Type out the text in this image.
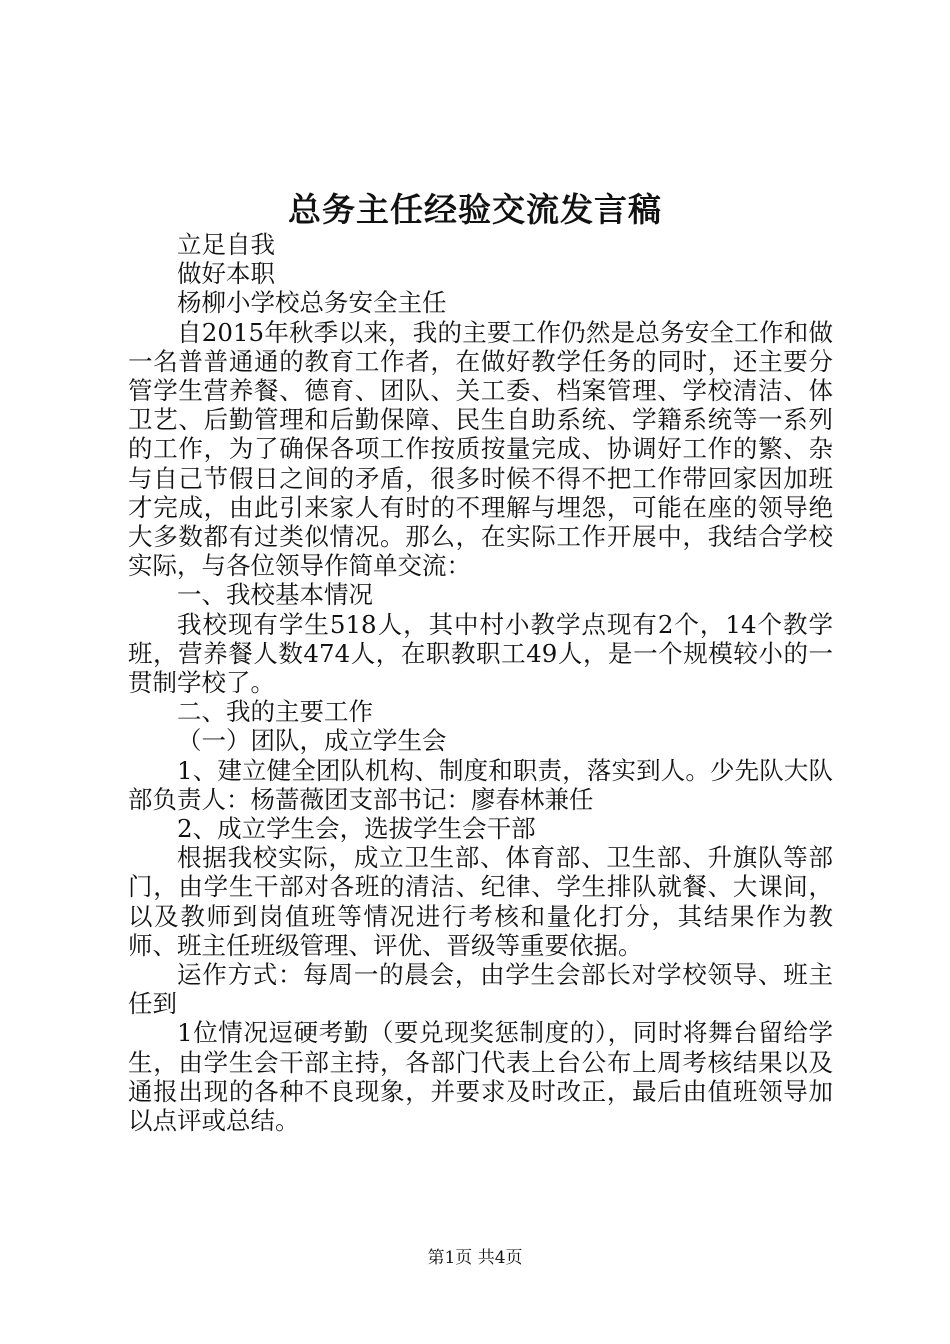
总务主任经验交流发言稿

立足自我

做好本职

杨柳小学校总务安全主任

自2015年秋季以来，我的主要工作仍然是总务安全工作和做一名普普通通的教育工作者，在做好教学任务的同时，还主要分管学生营养餐、德育、团队、关工委、档案管理、学校清洁、体卫艺、后勤管理和后勤保障、民生自助系统、学籍系统等一系列的工作，为了确保各项工作按质按量完成、协调好工作的繁、杂与自己节假日之间的矛盾，很多时候不得不把工作带回家因加班才完成，由此引来家人有时的不理解与埋怨，可能在座的领导绝大多数都有过类似情况。那么，在实际工作开展中，我结合学校实际，与各位领导作简单交流：

一、我校基本情况

我校现有学生518人，其中村小教学点现有2个，14个教学班，营养餐人数474人，在职教职工49人，是一个规模较小的一贯制学校了。

二、我的主要工作

（一）团队，成立学生会

1、建立健全团队机构、制度和职责，落实到人。少先队大队部负责人：杨蔷薇团支部书记：廖春林兼任

2、成立学生会，选拔学生会干部

根据我校实际，成立卫生部、体育部、卫生部、升旗队等部门，由学生干部对各班的清洁、纪律、学生排队就餐、大课间，以及教师到岗值班等情况进行考核和量化打分，其结果作为教师、班主任班级管理、评优、晋级等重要依据。

运作方式：每周一的晨会，由学生会部长对学校领导、班主任到

1位情况逗硬考勤（要兑现奖惩制度的），同时将舞台留给学生，由学生会干部主持，各部门代表上台公布上周考核结果以及通报出现的各种不良现象，并要求及时改正，最后由值班领导加以点评或总结。

第1页 共4页
